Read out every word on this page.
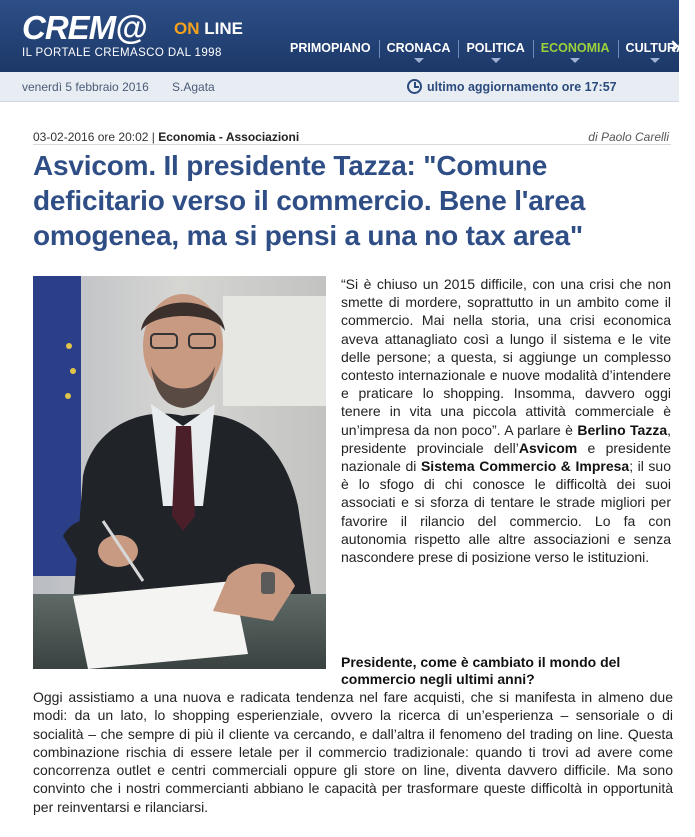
CREM@ ON LINE
IL PORTALE CREMASCO DAL 1998	PRIMOPIANO	CRONACA	POLITICA	ECONOMIA	CULTURA
venerdì 5 febbraio 2016 S.Agata	ultimo aggiornamento ore 17:57
03-02-2016 ore 20:02 | Economia - Associazioni	di Paolo Carelli
Asvicom. Il presidente Tazza: "Comune deficitario verso il commercio. Bene l'area omogenea, ma si pensi a una no tax area"

“Si è chiuso un 2015 difficile, con una crisi che non smette di mordere, soprattutto in un ambito come il commercio. Mai nella storia, una crisi economica aveva attanagliato così a lungo il sistema e le vite delle persone; a questa, si aggiunge un complesso contesto internazionale e nuove modalità d’intendere e praticare lo shopping. Insomma, davvero oggi tenere in vita una piccola attività commerciale è un’impresa da non poco”. A parlare è Berlino Tazza, presidente provinciale dell’Asvicom e presidente nazionale di Sistema Commercio & Impresa; il suo è lo sfogo di chi conosce le difficoltà dei suoi associati e si sforza di tentare le strade migliori per favorire il rilancio del commercio. Lo fa con autonomia rispetto alle altre associazioni e senza nascondere prese di posizione verso le istituzioni.

Presidente, come è cambiato il mondo del commercio negli ultimi anni?

Oggi assistiamo a una nuova e radicata tendenza nel fare acquisti, che si manifesta in almeno due modi: da un lato, lo shopping esperienziale, ovvero la ricerca di un’esperienza – sensoriale o di socialità – che sempre di più il cliente va cercando, e dall’altra il fenomeno del trading on line. Questa combinazione rischia di essere letale per il commercio tradizionale: quando ti trovi ad avere come concorrenza outlet e centri commerciali oppure gli store on line, diventa davvero difficile. Ma sono convinto che i nostri commercianti abbiano le capacità per trasformare queste difficoltà in opportunità per reinventarsi e rilanciarsi.
